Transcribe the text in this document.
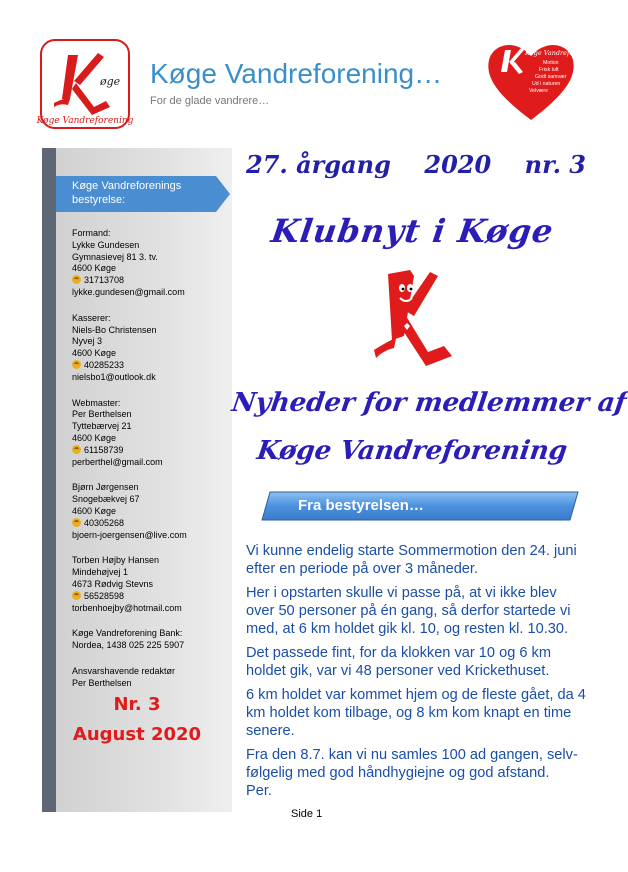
øge
Køge Vandreforening
Køge Vandreforening…
For de glade vandrere…
Køge Vandreforening
Motion
Frisk luft
Godt samvær
Ud i naturen
Velvære
Køge Vandreforenings
bestyrelse:
Formand:
Lykke Gundesen
Gymnasievej 81 3. tv.
4600 Køge
31713708
lykke.gundesen@gmail.com
Kasserer:
Niels-Bo Christensen
Nyvej 3
4600 Køge
40285233
nielsbo1@outlook.dk
Webmaster:
Per Berthelsen
Tyttebærvej 21
4600 Køge
61158739
perberthel@gmail.com
Bjørn Jørgensen
Snogebækvej 67
4600 Køge
40305268
bjoern-joergensen@live.com
Torben Højby Hansen
Mindehøjvej 1
4673 Rødvig Stevns
56528598
torbenhoejby@hotmail.com
Køge Vandreforening Bank:
Nordea, 1438 025 225 5907
Ansvarshavende redaktør
Per Berthelsen
Nr. 3
August 2020
27. årgang 2020 nr. 3
Klubnyt i Køge
Nyheder for medlemmer af
Køge Vandreforening
Fra bestyrelsen…

Vi kunne endelig starte Sommermotion den 24. juni efter en periode på over 3 måneder.

Her i opstarten skulle vi passe på, at vi ikke blev over 50 personer på én gang, så derfor startede vi med, at 6 km holdet gik kl. 10, og resten kl. 10.30.

Det passede fint, for da klokken var 10 og 6 km holdet gik, var vi 48 personer ved Krickethuset.

6 km holdet var kommet hjem og de fleste gået, da 4 km holdet kom tilbage, og 8 km kom knapt en time senere.

Fra den 8.7. kan vi nu samles 100 ad gangen, selv-følgelig med god håndhygiejne og god afstand.

Per.

Side 1
